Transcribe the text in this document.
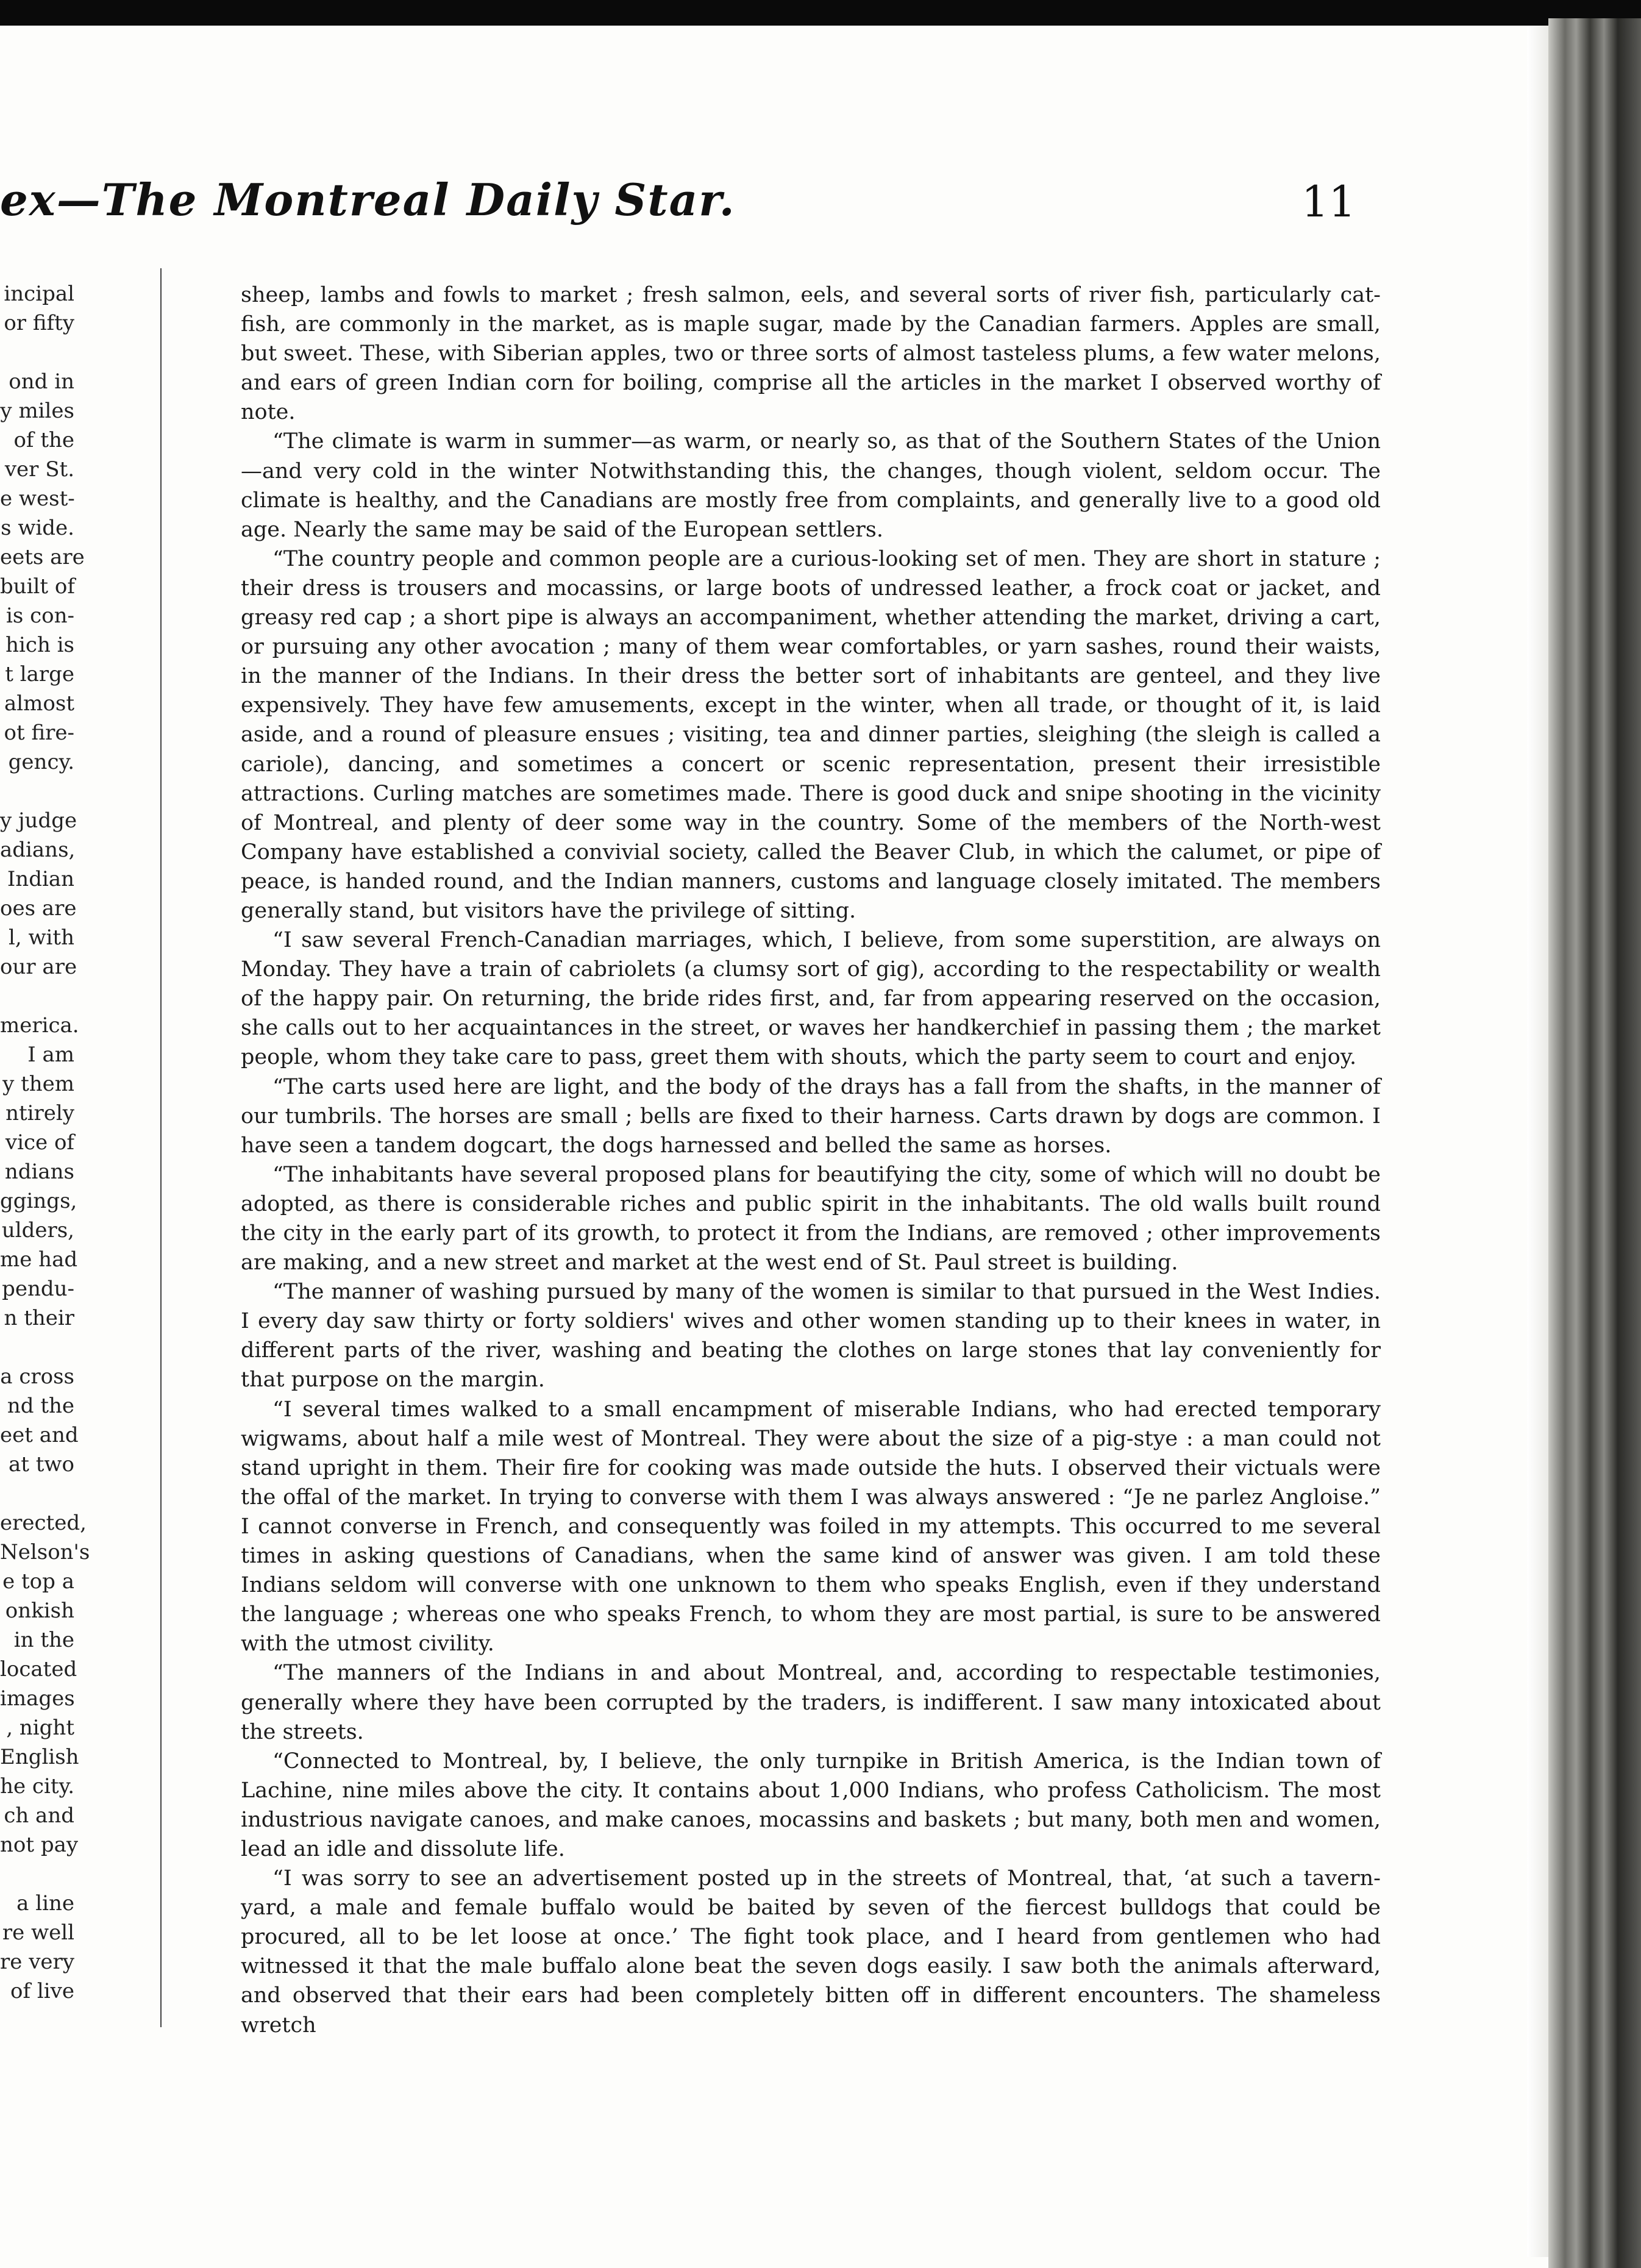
ex—The Montreal Daily Star.	11
incipal
or fifty
ond in
y miles
of the
ver St.
e west-
s wide.
eets are
built of
is con-
hich is
t large
almost
ot fire-
gency.
y judge
adians,
Indian
oes are
l, with
our are
merica.
I am
y them
ntirely
vice of
ndians
ggings,
ulders,
me had
pendu-
n their
a cross
nd the
eet and
at two
erected,
Nelson's
e top a
onkish
in the
located
images
, night
English
he city.
ch and
not pay
a line
re well
re very
of live

sheep, lambs and fowls to market ; fresh salmon, eels, and several sorts of river fish, particularly cat-fish, are commonly in the market, as is maple sugar, made by the Canadian farmers. Apples are small, but sweet. These, with Siberian apples, two or three sorts of almost tasteless plums, a few water melons, and ears of green Indian corn for boiling, comprise all the articles in the market I observed worthy of note.

“The climate is warm in summer—as warm, or nearly so, as that of the Southern States of the Union—and very cold in the winter Notwithstanding this, the changes, though violent, seldom occur. The climate is healthy, and the Canadians are mostly free from complaints, and generally live to a good old age. Nearly the same may be said of the European settlers.

“The country people and common people are a curious-looking set of men. They are short in stature ; their dress is trousers and mocassins, or large boots of undressed leather, a frock coat or jacket, and greasy red cap ; a short pipe is always an accompaniment, whether attending the market, driving a cart, or pursuing any other avocation ; many of them wear comfortables, or yarn sashes, round their waists, in the manner of the Indians. In their dress the better sort of inhabitants are genteel, and they live expensively. They have few amusements, except in the winter, when all trade, or thought of it, is laid aside, and a round of pleasure ensues ; visiting, tea and dinner parties, sleighing (the sleigh is called a cariole), dancing, and sometimes a concert or scenic representation, present their irresistible attractions. Curling matches are sometimes made. There is good duck and snipe shooting in the vicinity of Montreal, and plenty of deer some way in the country. Some of the members of the North-west Company have established a convivial society, called the Beaver Club, in which the calumet, or pipe of peace, is handed round, and the Indian manners, customs and language closely imitated. The members generally stand, but visitors have the privilege of sitting.

“I saw several French-Canadian marriages, which, I believe, from some superstition, are always on Monday. They have a train of cabriolets (a clumsy sort of gig), according to the respectability or wealth of the happy pair. On returning, the bride rides first, and, far from appearing reserved on the occasion, she calls out to her acquaintances in the street, or waves her handkerchief in passing them ; the market people, whom they take care to pass, greet them with shouts, which the party seem to court and enjoy.

“The carts used here are light, and the body of the drays has a fall from the shafts, in the manner of our tumbrils. The horses are small ; bells are fixed to their harness. Carts drawn by dogs are common. I have seen a tandem dogcart, the dogs harnessed and belled the same as horses.

“The inhabitants have several proposed plans for beautifying the city, some of which will no doubt be adopted, as there is considerable riches and public spirit in the inhabitants. The old walls built round the city in the early part of its growth, to protect it from the Indians, are removed ; other improvements are making, and a new street and market at the west end of St. Paul street is building.

“The manner of washing pursued by many of the women is similar to that pursued in the West Indies. I every day saw thirty or forty soldiers' wives and other women standing up to their knees in water, in different parts of the river, washing and beating the clothes on large stones that lay conveniently for that purpose on the margin.

“I several times walked to a small encampment of miserable Indians, who had erected temporary wigwams, about half a mile west of Montreal. They were about the size of a pig-stye : a man could not stand upright in them. Their fire for cooking was made outside the huts. I observed their victuals were the offal of the market. In trying to converse with them I was always answered : “Je ne parlez Angloise.” I cannot converse in French, and consequently was foiled in my attempts. This occurred to me several times in asking questions of Canadians, when the same kind of answer was given. I am told these Indians seldom will converse with one unknown to them who speaks English, even if they understand the language ; whereas one who speaks French, to whom they are most partial, is sure to be answered with the utmost civility.

“The manners of the Indians in and about Montreal, and, according to respectable testimonies, generally where they have been corrupted by the traders, is indifferent. I saw many intoxicated about the streets.

“Connected to Montreal, by, I believe, the only turnpike in British America, is the Indian town of Lachine, nine miles above the city. It contains about 1,000 Indians, who profess Catholicism. The most industrious navigate canoes, and make canoes, mocassins and baskets ; but many, both men and women, lead an idle and dissolute life.

“I was sorry to see an advertisement posted up in the streets of Montreal, that, ‘at such a tavern-yard, a male and female buffalo would be baited by seven of the fiercest bulldogs that could be procured, all to be let loose at once.’ The fight took place, and I heard from gentlemen who had witnessed it that the male buffalo alone beat the seven dogs easily. I saw both the animals afterward, and observed that their ears had been completely bitten off in different encounters. The shameless wretch
